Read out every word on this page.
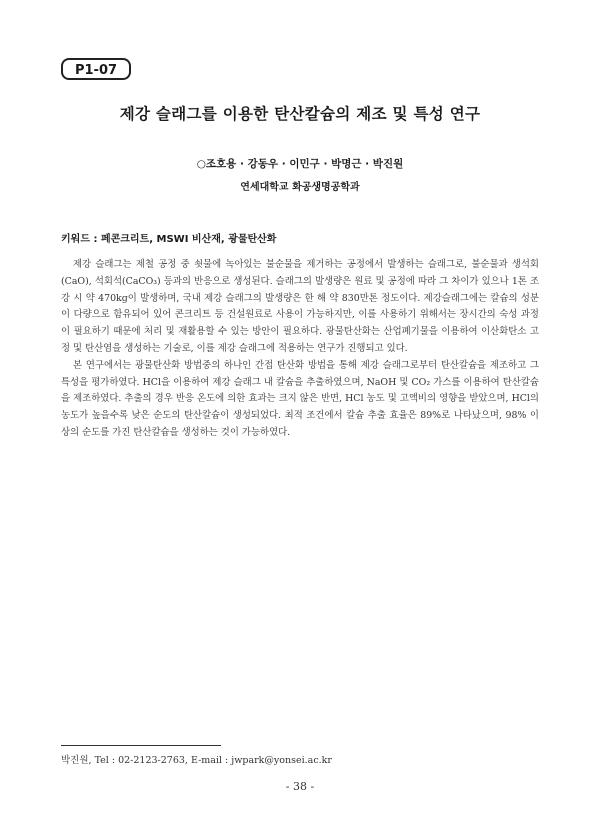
P1-07
제강 슬래그를 이용한 탄산칼슘의 제조 및 특성 연구
○조호용 · 강동우 · 이민구 · 박명근 · 박진원
연세대학교 화공생명공학과
키워드 : 페콘크리트, MSWI 비산재, 광물탄산화

제강 슬래그는 제철 공정 중 쇳물에 녹아있는 불순물을 제거하는 공정에서 발생하는 슬래그로, 불순물과 생석회(CaO), 석회석(CaCO₃) 등과의 반응으로 생성된다. 슬래그의 발생량은 원료 및 공정에 따라 그 차이가 있으나 1톤 조강 시 약 470kg이 발생하며, 국내 제강 슬래그의 발생량은 한 해 약 830만톤 정도이다. 제강슬래그에는 칼슘의 성분이 다량으로 함유되어 있어 콘크리트 등 건설원료로 사용이 가능하지만, 이를 사용하기 위해서는 장시간의 숙성 과정이 필요하기 때문에 처리 및 재활용할 수 있는 방안이 필요하다. 광물탄산화는 산업폐기물을 이용하여 이산화탄소 고정 및 탄산염을 생성하는 기술로, 이를 제강 슬래그에 적용하는 연구가 진행되고 있다.

본 연구에서는 광물탄산화 방법중의 하나인 간접 탄산화 방법을 통해 제강 슬래그로부터 탄산칼슘을 제조하고 그 특성을 평가하였다. HCl을 이용하여 제강 슬래그 내 칼슘을 추출하였으며, NaOH 및 CO₂ 가스를 이용하여 탄산칼슘을 제조하였다. 추출의 경우 반응 온도에 의한 효과는 크지 않은 반면, HCl 농도 및 고액비의 영향을 받았으며, HCl의 농도가 높을수록 낮은 순도의 탄산칼슘이 생성되었다. 최적 조건에서 칼슘 추출 효율은 89%로 나타났으며, 98% 이상의 순도를 가진 탄산칼슘을 생성하는 것이 가능하였다.

박진원, Tel : 02-2123-2763, E-mail : jwpark@yonsei.ac.kr
- 38 -
